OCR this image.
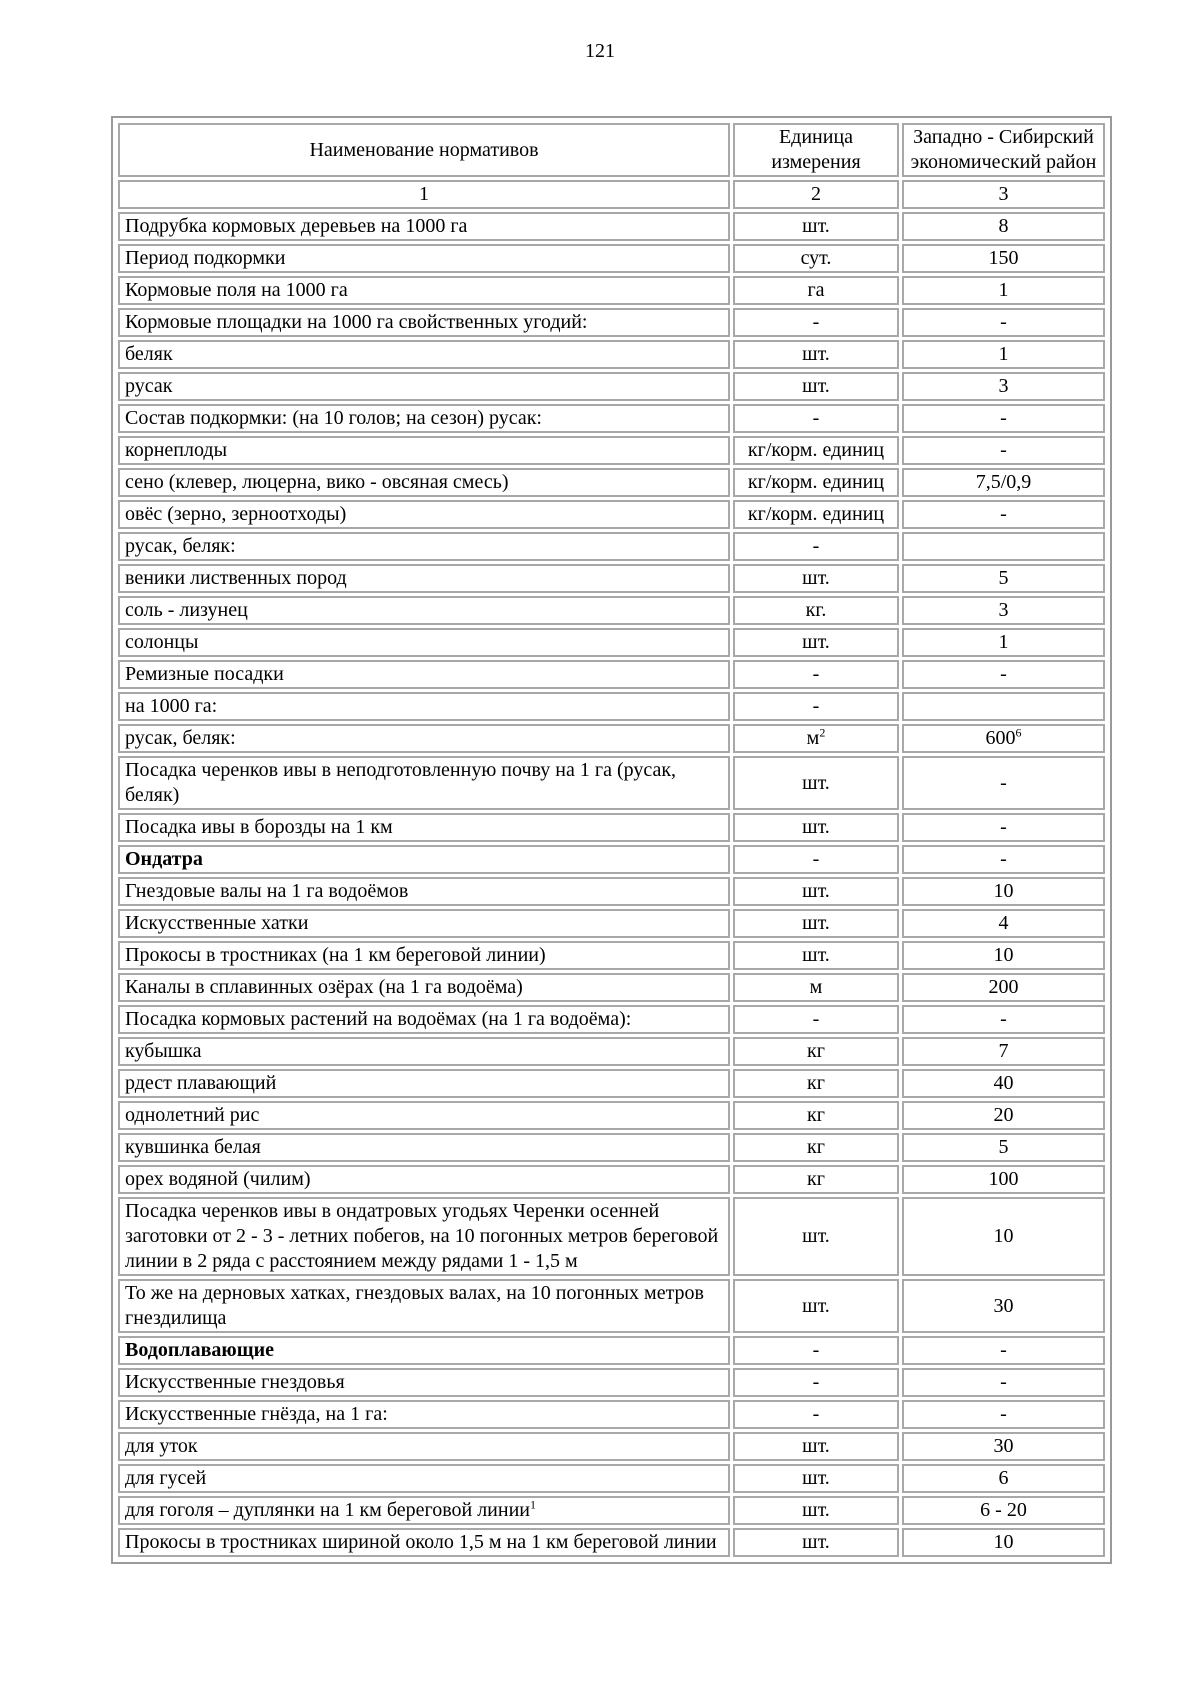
121
Наименование нормативов	Единица измерения	Западно - Сибирский экономический район
1	2	3
Подрубка кормовых деревьев на 1000 га	шт.	8
Период подкормки	сут.	150
Кормовые поля на 1000 га	га	1
Кормовые площадки на 1000 га свойственных угодий:	-	-
беляк	шт.	1
русак	шт.	3
Состав подкормки: (на 10 голов; на сезон) русак:	-	-
корнеплоды	кг/корм. единиц	-
сено (клевер, люцерна, вико - овсяная смесь)	кг/корм. единиц	7,5/0,9
овёс (зерно, зерноотходы)	кг/корм. единиц	-
русак, беляк:	-	
веники лиственных пород	шт.	5
соль - лизунец	кг.	3
солонцы	шт.	1
Ремизные посадки	-	-
на 1000 га:	-	
русак, беляк:	$м^2$	$600^6$
Посадка черенков ивы в неподготовленную почву на 1 га (русак, беляк)	шт.	-
Посадка ивы в борозды на 1 км	шт.	-
Ондатра	-	-
Гнездовые валы на 1 га водоёмов	шт.	10
Искусственные хатки	шт.	4
Прокосы в тростниках (на 1 км береговой линии)	шт.	10
Каналы в сплавинных озёрах (на 1 га водоёма)	м	200
Посадка кормовых растений на водоёмах (на 1 га водоёма):	-	-
кубышка	кг	7
рдест плавающий	кг	40
однолетний рис	кг	20
кувшинка белая	кг	5
орех водяной (чилим)	кг	100
Посадка черенков ивы в ондатровых угодьях Черенки осенней заготовки от 2 - 3 - летних побегов, на 10 погонных метров береговой линии в 2 ряда с расстоянием между рядами 1 - 1,5 м	шт.	10
То же на дерновых хатках, гнездовых валах, на 10 погонных метров гнездилища	шт.	30
Водоплавающие	-	-
Искусственные гнездовья	-	-
Искусственные гнёзда, на 1 га:	-	-
для уток	шт.	30
для гусей	шт.	6
для гоголя – дуплянки на 1 км береговой линии$^1$	шт.	6 - 20
Прокосы в тростниках шириной около 1,5 м на 1 км береговой линии	шт.	10
